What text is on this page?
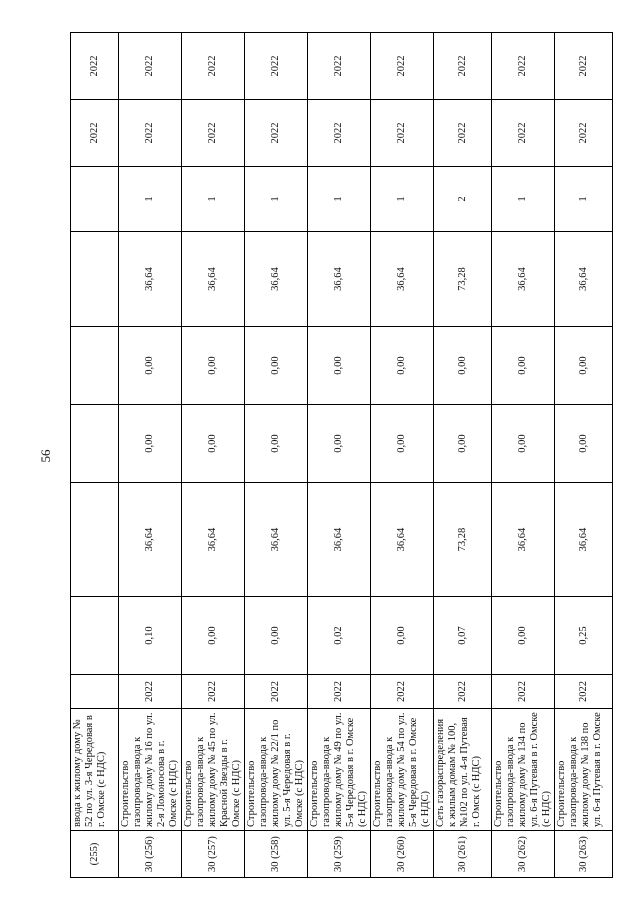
56
(255)	ввода к жилому дому № 52 по ул. 3-я Чередовая в г. Омске (с НДС)								2022	2022
30 (256)	Строительство газопровода-ввода к жилому дому № 16 по ул. 2-я Ломоносова в г. Омске (с НДС)	2022	0,10	36,64	0,00	0,00	36,64	1	2022	2022
30 (257)	Строительство газопровода-ввода к жилому дому № 45 по ул. Красной Звезды в г. Омске (с НДС)	2022	0,00	36,64	0,00	0,00	36,64	1	2022	2022
30 (258)	Строительство газопровода-ввода к жилому дому № 22/1 по ул. 5-я Чередовая в г. Омске (с НДС)	2022	0,00	36,64	0,00	0,00	36,64	1	2022	2022
30 (259)	Строительство газопровода-ввода к жилому дому № 49 по ул. 5-я Чередовая в г. Омске (с НДС)	2022	0,02	36,64	0,00	0,00	36,64	1	2022	2022
30 (260)	Строительство газопровода-ввода к жилому дому № 54 по ул. 5-я Чередовая в г. Омске (с НДС)	2022	0,00	36,64	0,00	0,00	36,64	1	2022	2022
30 (261)	Сеть газораспределения к жилым домам № 100, №102 по ул. 4-я Путевая г. Омск (с НДС)	2022	0,07	73,28	0,00	0,00	73,28	2	2022	2022
30 (262)	Строительство газопровода-ввода к жилому дому № 134 по ул. 6-я Путевая в г. Омске (с НДС)	2022	0,00	36,64	0,00	0,00	36,64	1	2022	2022
30 (263)	Строительство газопровода-ввода к жилому дому № 138 по ул. 6-я Путевая в г. Омске	2022	0,25	36,64	0,00	0,00	36,64	1	2022	2022
